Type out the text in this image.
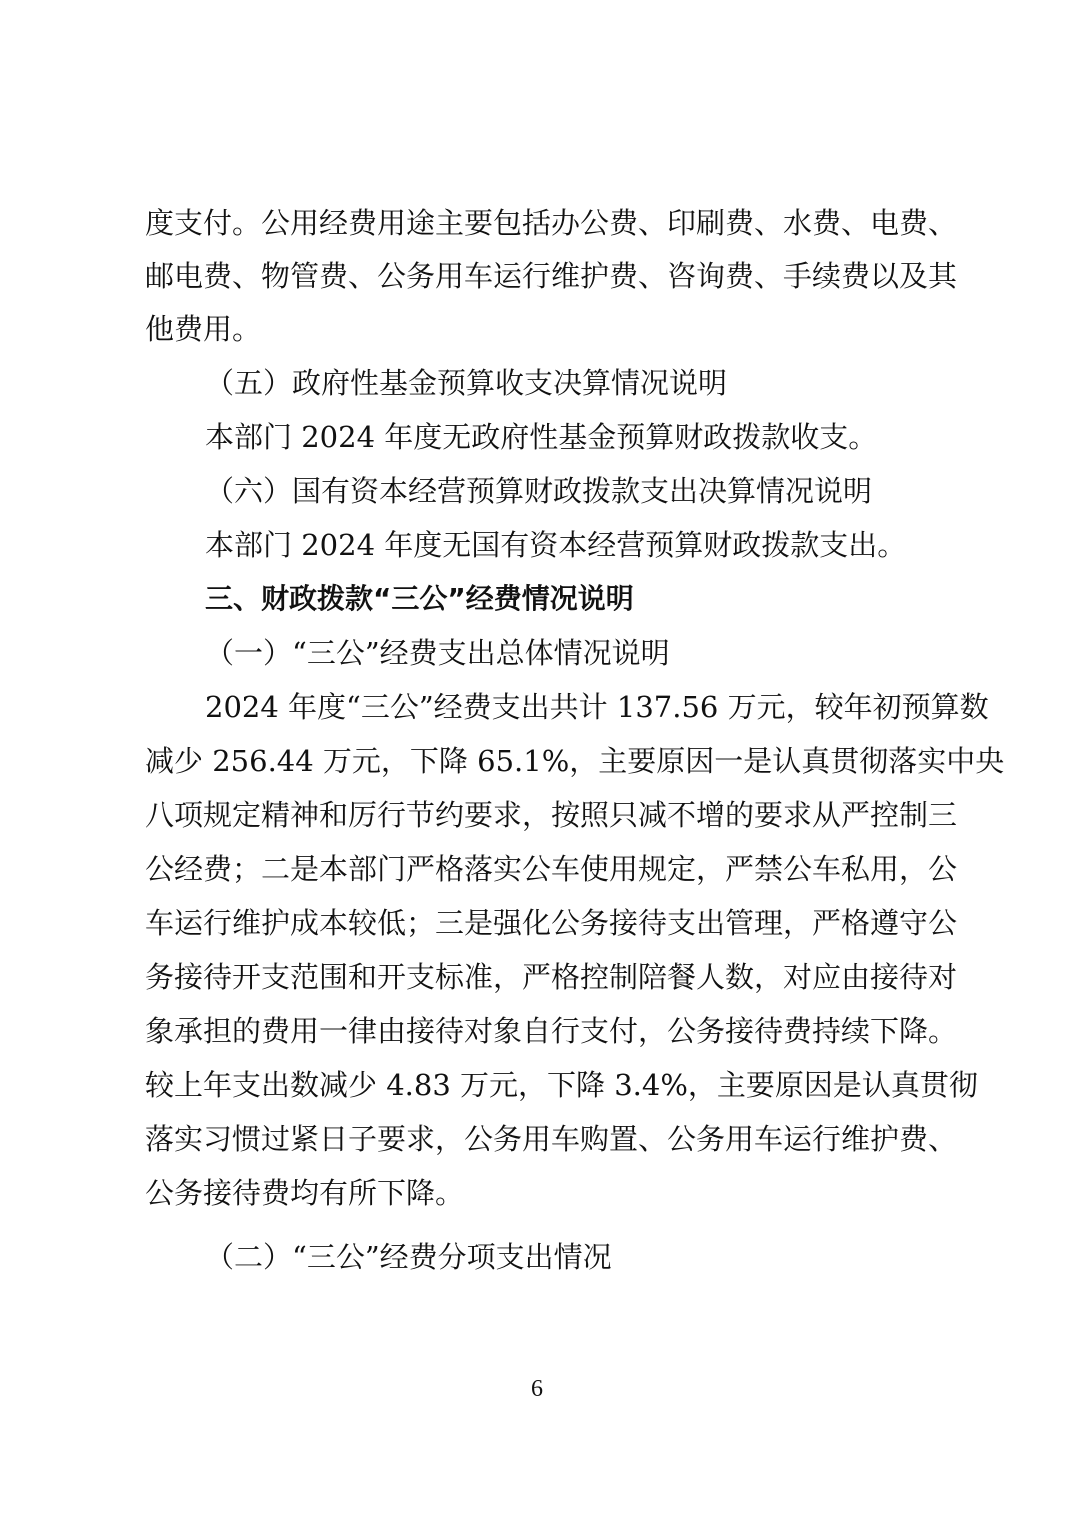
度支付。公用经费用途主要包括办公费、印刷费、水费、电费、
邮电费、物管费、公务用车运行维护费、咨询费、手续费以及其
他费用。
（五）政府性基金预算收支决算情况说明
本部门 2024 年度无政府性基金预算财政拨款收支。
（六）国有资本经营预算财政拨款支出决算情况说明
本部门 2024 年度无国有资本经营预算财政拨款支出。
三、财政拨款“三公”经费情况说明
（一）“三公”经费支出总体情况说明
2024 年度“三公”经费支出共计 137.56 万元，较年初预算数
减少 256.44 万元，下降 65.1%，主要原因一是认真贯彻落实中央
八项规定精神和厉行节约要求，按照只减不增的要求从严控制三
公经费；二是本部门严格落实公车使用规定，严禁公车私用，公
车运行维护成本较低；三是强化公务接待支出管理，严格遵守公
务接待开支范围和开支标准，严格控制陪餐人数，对应由接待对
象承担的费用一律由接待对象自行支付，公务接待费持续下降。
较上年支出数减少 4.83 万元，下降 3.4%，主要原因是认真贯彻
落实习惯过紧日子要求，公务用车购置、公务用车运行维护费、
公务接待费均有所下降。
（二）“三公”经费分项支出情况
6
